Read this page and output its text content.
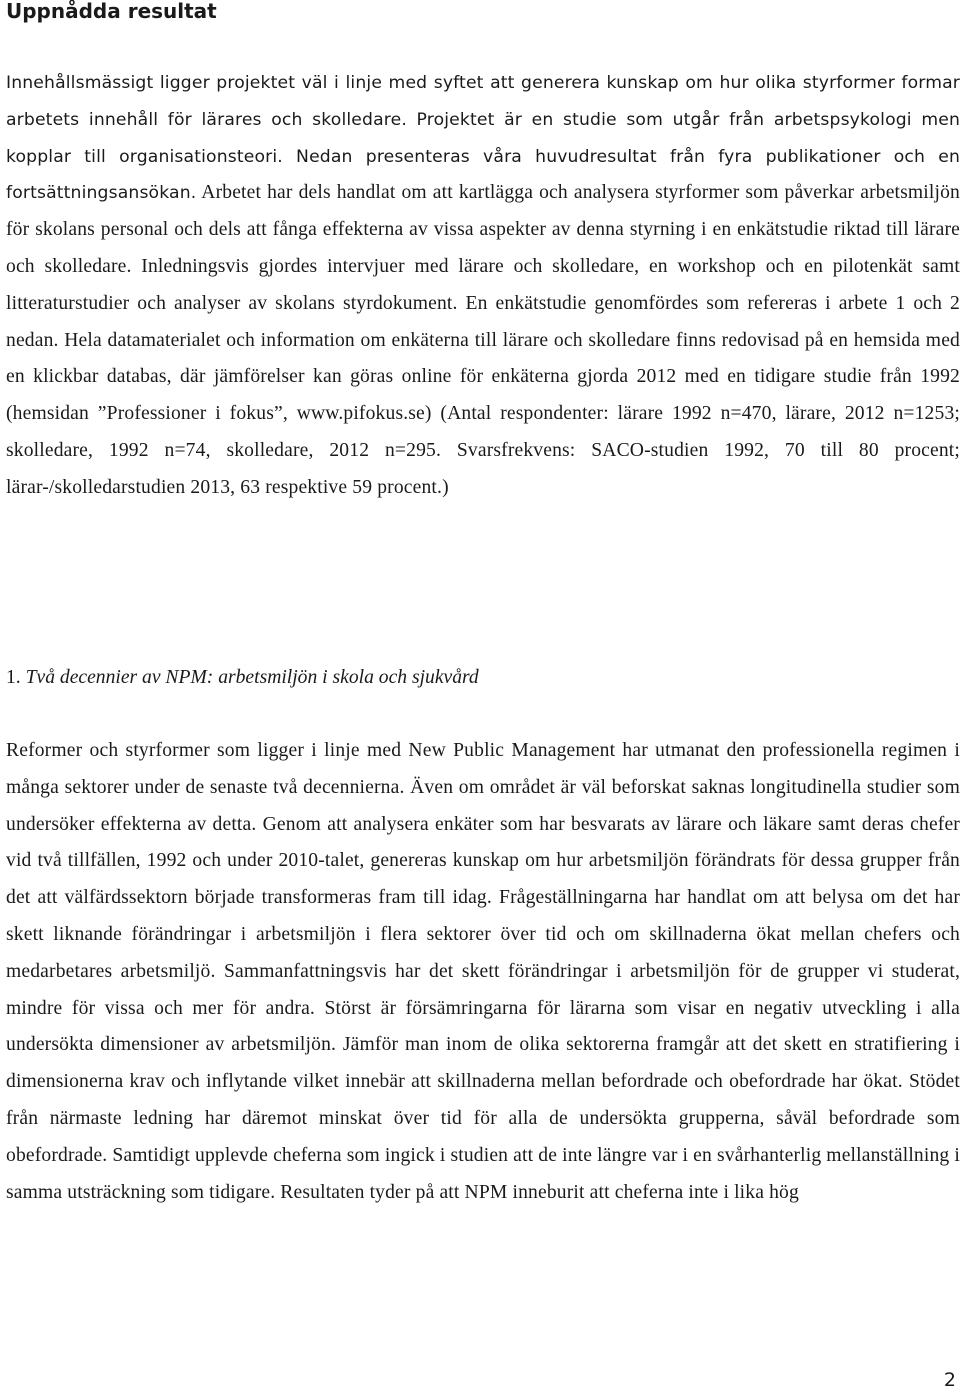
Uppnådda resultat

Innehållsmässigt ligger projektet väl i linje med syftet att generera kunskap om hur olika styrformer formar arbetets innehåll för lärares och skolledare. Projektet är en studie som utgår från arbetspsykologi men kopplar till organisationsteori. Nedan presenteras våra huvudresultat från fyra publikationer och en fortsättningsansökan. Arbetet har dels handlat om att kartlägga och analysera styrformer som påverkar arbetsmiljön för skolans personal och dels att fånga effekterna av vissa aspekter av denna styrning i en enkätstudie riktad till lärare och skolledare. Inledningsvis gjordes intervjuer med lärare och skolledare, en workshop och en pilotenkät samt litteraturstudier och analyser av skolans styrdokument. En enkätstudie genomfördes som refereras i arbete 1 och 2 nedan. Hela datamaterialet och information om enkäterna till lärare och skolledare finns redovisad på en hemsida med en klickbar databas, där jämförelser kan göras online för enkäterna gjorda 2012 med en tidigare studie från 1992 (hemsidan ”Professioner i fokus”, www.pifokus.se) (Antal respondenter: lärare 1992 n=470, lärare, 2012 n=1253; skolledare, 1992 n=74, skolledare, 2012 n=295. Svarsfrekvens: SACO-studien 1992, 70 till 80 procent; lärar-/skolledarstudien 2013, 63 respektive 59 procent.)

1. Två decennier av NPM: arbetsmiljön i skola och sjukvård

Reformer och styrformer som ligger i linje med New Public Management har utmanat den professionella regimen i många sektorer under de senaste två decennierna. Även om området är väl beforskat saknas longitudinella studier som undersöker effekterna av detta. Genom att analysera enkäter som har besvarats av lärare och läkare samt deras chefer vid två tillfällen, 1992 och under 2010-talet, genereras kunskap om hur arbetsmiljön förändrats för dessa grupper från det att välfärdssektorn började transformeras fram till idag. Frågeställningarna har handlat om att belysa om det har skett liknande förändringar i arbetsmiljön i flera sektorer över tid och om skillnaderna ökat mellan chefers och medarbetares arbetsmiljö. Sammanfattningsvis har det skett förändringar i arbetsmiljön för de grupper vi studerat, mindre för vissa och mer för andra. Störst är försämringarna för lärarna som visar en negativ utveckling i alla undersökta dimensioner av arbetsmiljön. Jämför man inom de olika sektorerna framgår att det skett en stratifiering i dimensionerna krav och inflytande vilket innebär att skillnaderna mellan befordrade och obefordrade har ökat. Stödet från närmaste ledning har däremot minskat över tid för alla de undersökta grupperna, såväl befordrade som obefordrade. Samtidigt upplevde cheferna som ingick i studien att de inte längre var i en svårhanterlig mellanställning i samma utsträckning som tidigare. Resultaten tyder på att NPM inneburit att cheferna inte i lika hög

2
